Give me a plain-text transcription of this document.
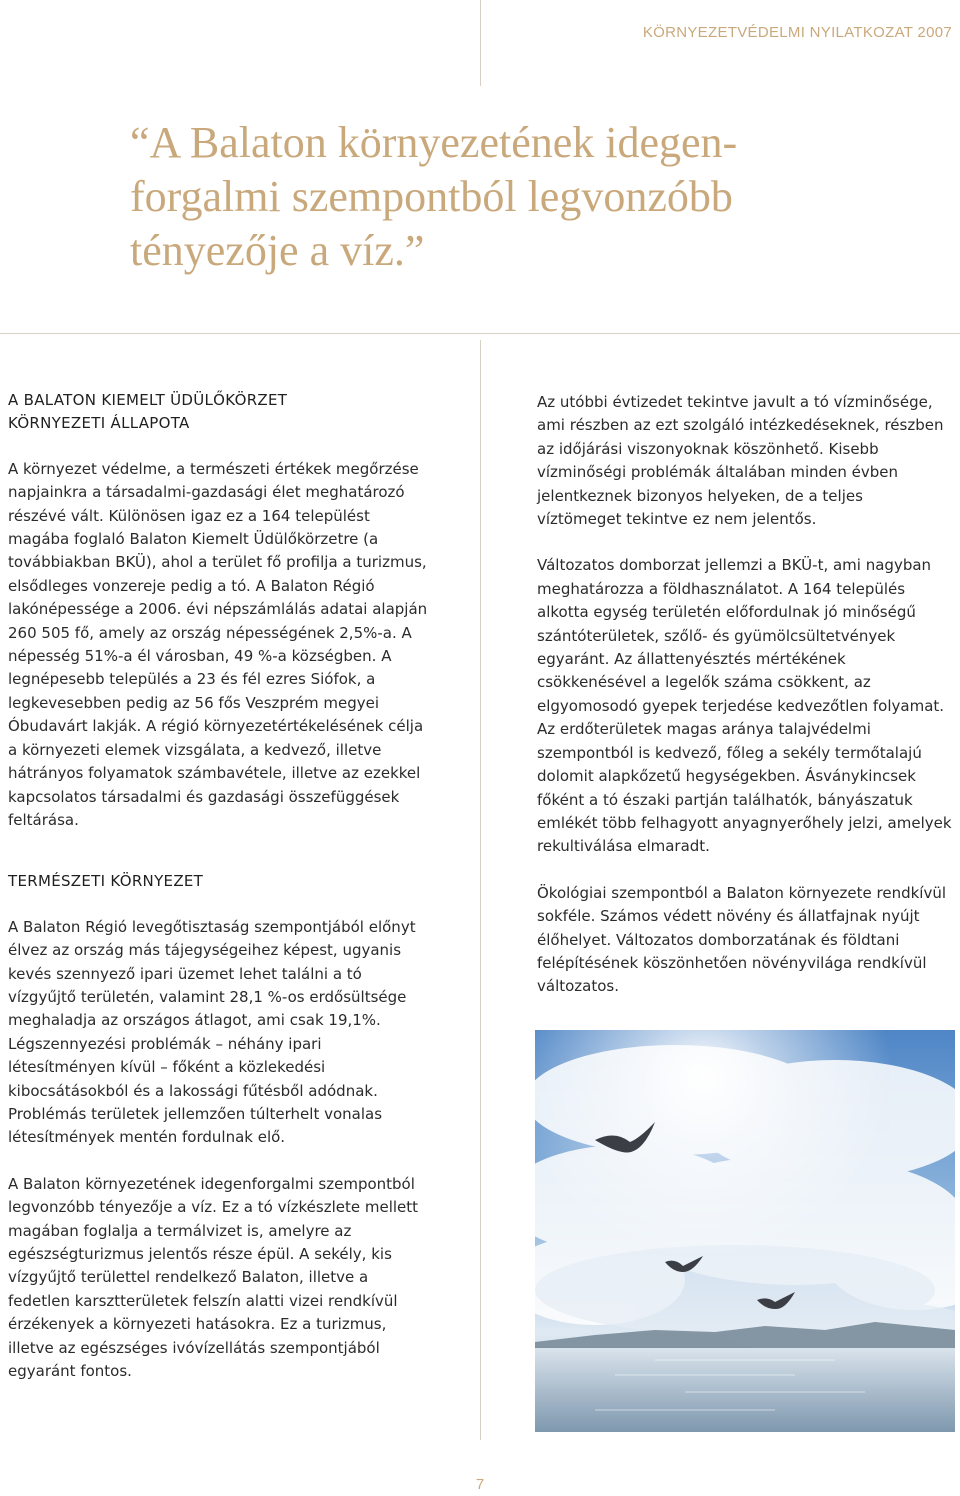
KÖRNYEZETVÉDELMI NYILATKOZAT 2007
“A Balaton környezetének idegen-forgalmi szempontból legvonzóbb tényezője a víz.”
A BALATON KIEMELT ÜDÜLŐKÖRZET
KÖRNYEZETI ÁLLAPOTA

A környezet védelme, a természeti értékek megőrzése napjainkra a társadalmi-gazdasági élet meghatározó részévé vált. Különösen igaz ez a 164 települést magába foglaló Balaton Kiemelt Üdülőkörzetre (a továbbiakban BKÜ), ahol a terület fő profilja a turizmus, elsődleges vonzereje pedig a tó. A Balaton Régió lakónépessége a 2006. évi népszámlálás adatai alapján 260 505 fő, amely az ország népességének 2,5%-a. A népesség 51%-a él városban, 49 %-a községben. A legnépesebb település a 23 és fél ezres Siófok, a legkevesebben pedig az 56 fős Veszprém megyei Óbudavárt lakják. A régió környezetértékelésének célja a környezeti elemek vizsgálata, a kedvező, illetve hátrányos folyamatok számbavétele, illetve az ezekkel kapcsolatos társadalmi és gazdasági összefüggések feltárása.

TERMÉSZETI KÖRNYEZET

A Balaton Régió levegőtisztaság szempontjából előnyt élvez az ország más tájegységeihez képest, ugyanis kevés szennyező ipari üzemet lehet találni a tó vízgyűjtő területén, valamint 28,1 %-os erdősültsége meghaladja az országos átlagot, ami csak 19,1%. Légszennyezési problémák – néhány ipari létesítményen kívül – főként a közlekedési kibocsátásokból és a lakossági fűtésből adódnak. Problémás területek jellemzően túlterhelt vonalas létesítmények mentén fordulnak elő.

A Balaton környezetének idegenforgalmi szempontból legvonzóbb tényezője a víz. Ez a tó vízkészlete mellett magában foglalja a termálvizet is, amelyre az egészségturizmus jelentős része épül. A sekély, kis vízgyűjtő területtel rendelkező Balaton, illetve a fedetlen karsztterületek felszín alatti vizei rendkívül érzékenyek a környezeti hatásokra. Ez a turizmus, illetve az egészséges ivóvízellátás szempontjából egyaránt fontos.

Az utóbbi évtizedet tekintve javult a tó vízminősége, ami részben az ezt szolgáló intézkedéseknek, részben az időjárási viszonyoknak köszönhető. Kisebb vízminőségi problémák általában minden évben jelentkeznek bizonyos helyeken, de a teljes víztömeget tekintve ez nem jelentős.

Változatos domborzat jellemzi a BKÜ-t, ami nagyban meghatározza a földhasználatot. A 164 település alkotta egység területén előfordulnak jó minőségű szántóterületek, szőlő- és gyümölcsültetvények egyaránt. Az állattenyésztés mértékének csökkenésével a legelők száma csökkent, az elgyomosodó gyepek terjedése kedvezőtlen folyamat. Az erdőterületek magas aránya talajvédelmi szempontból is kedvező, főleg a sekély termőtalajú dolomit alapkőzetű hegységekben. Ásványkincsek főként a tó északi partján találhatók, bányászatuk emlékét több felhagyott anyagnyerőhely jelzi, amelyek rekultiválása elmaradt.

Ökológiai szempontból a Balaton környezete rendkívül sokféle. Számos védett növény és állatfajnak nyújt élőhelyet. Változatos domborzatának és földtani felépítésének köszönhetően növényvilága rendkívül változatos.

7
